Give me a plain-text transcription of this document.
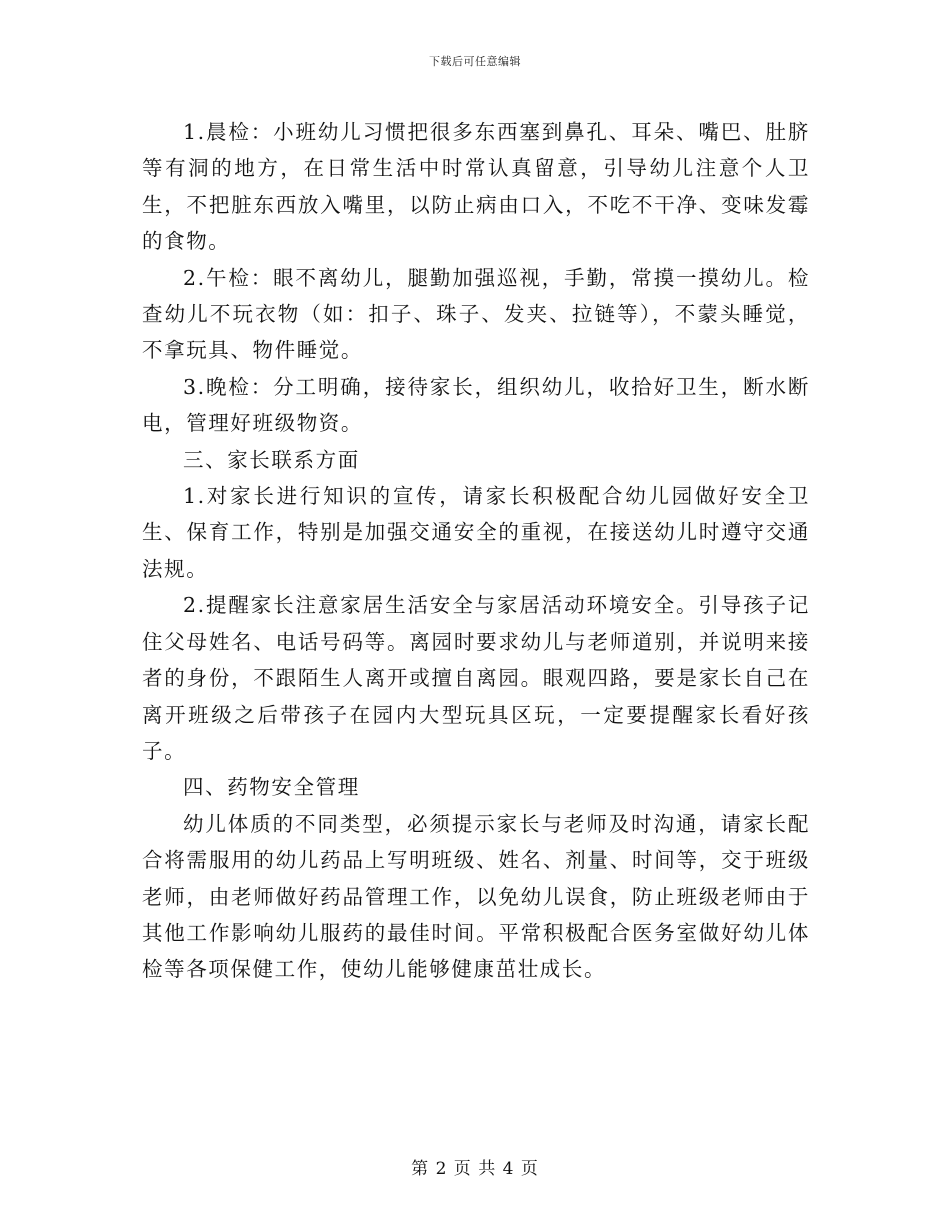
下载后可任意编辑

1.晨检：小班幼儿习惯把很多东西塞到鼻孔、耳朵、嘴巴、肚脐等有洞的地方，在日常生活中时常认真留意，引导幼儿注意个人卫生，不把脏东西放入嘴里，以防止病由口入，不吃不干净、变味发霉的食物。

2.午检：眼不离幼儿，腿勤加强巡视，手勤，常摸一摸幼儿。检查幼儿不玩衣物（如：扣子、珠子、发夹、拉链等），不蒙头睡觉，不拿玩具、物件睡觉。

3.晚检：分工明确，接待家长，组织幼儿，收拾好卫生，断水断电，管理好班级物资。

三、家长联系方面

1.对家长进行知识的宣传，请家长积极配合幼儿园做好安全卫生、保育工作，特别是加强交通安全的重视，在接送幼儿时遵守交通法规。

2.提醒家长注意家居生活安全与家居活动环境安全。引导孩子记住父母姓名、电话号码等。离园时要求幼儿与老师道别，并说明来接者的身份，不跟陌生人离开或擅自离园。眼观四路，要是家长自己在离开班级之后带孩子在园内大型玩具区玩，一定要提醒家长看好孩子。

四、药物安全管理

幼儿体质的不同类型，必须提示家长与老师及时沟通，请家长配合将需服用的幼儿药品上写明班级、姓名、剂量、时间等，交于班级老师，由老师做好药品管理工作，以免幼儿误食，防止班级老师由于其他工作影响幼儿服药的最佳时间。平常积极配合医务室做好幼儿体检等各项保健工作，使幼儿能够健康茁壮成长。

第 2 页 共 4 页
